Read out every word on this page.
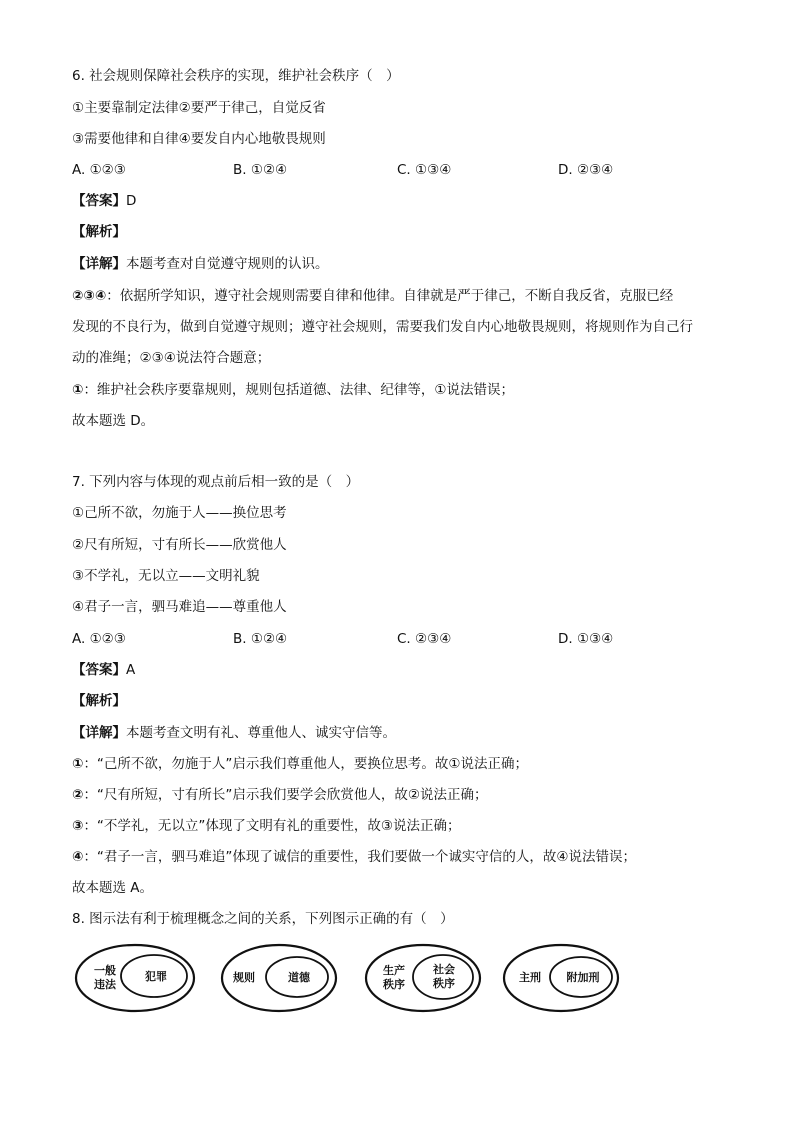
6. 社会规则保障社会秩序的实现，维护社会秩序（　）
①主要靠制定法律②要严于律己，自觉反省
③需要他律和自律④要发自内心地敬畏规则
A. ①②③	B. ①②④	C. ①③④	D. ②③④
【答案】D
【解析】
【详解】本题考查对自觉遵守规则的认识。
②③④：依据所学知识，遵守社会规则需要自律和他律。自律就是严于律己，不断自我反省，克服已经
发现的不良行为，做到自觉遵守规则；遵守社会规则，需要我们发自内心地敬畏规则，将规则作为自己行
动的准绳；②③④说法符合题意；
①：维护社会秩序要靠规则，规则包括道德、法律、纪律等，①说法错误；
故本题选 D。
7. 下列内容与体现的观点前后相一致的是（　）
①己所不欲，勿施于人——换位思考
②尺有所短，寸有所长——欣赏他人
③不学礼，无以立——文明礼貌
④君子一言，驷马难追——尊重他人
A. ①②③	B. ①②④	C. ②③④	D. ①③④
【答案】A
【解析】
【详解】本题考查文明有礼、尊重他人、诚实守信等。
①：“己所不欲，勿施于人”启示我们尊重他人，要换位思考。故①说法正确；
②：“尺有所短，寸有所长”启示我们要学会欣赏他人，故②说法正确；
③：“不学礼，无以立”体现了文明有礼的重要性，故③说法正确；
④：“君子一言，驷马难追”体现了诚信的重要性，我们要做一个诚实守信的人，故④说法错误；
故本题选 A。
8. 图示法有利于梳理概念之间的关系，下列图示正确的有（　）
一般
违法
犯罪	规则	道德
生产
秩序
社会
秩序	主刑 附加刑
